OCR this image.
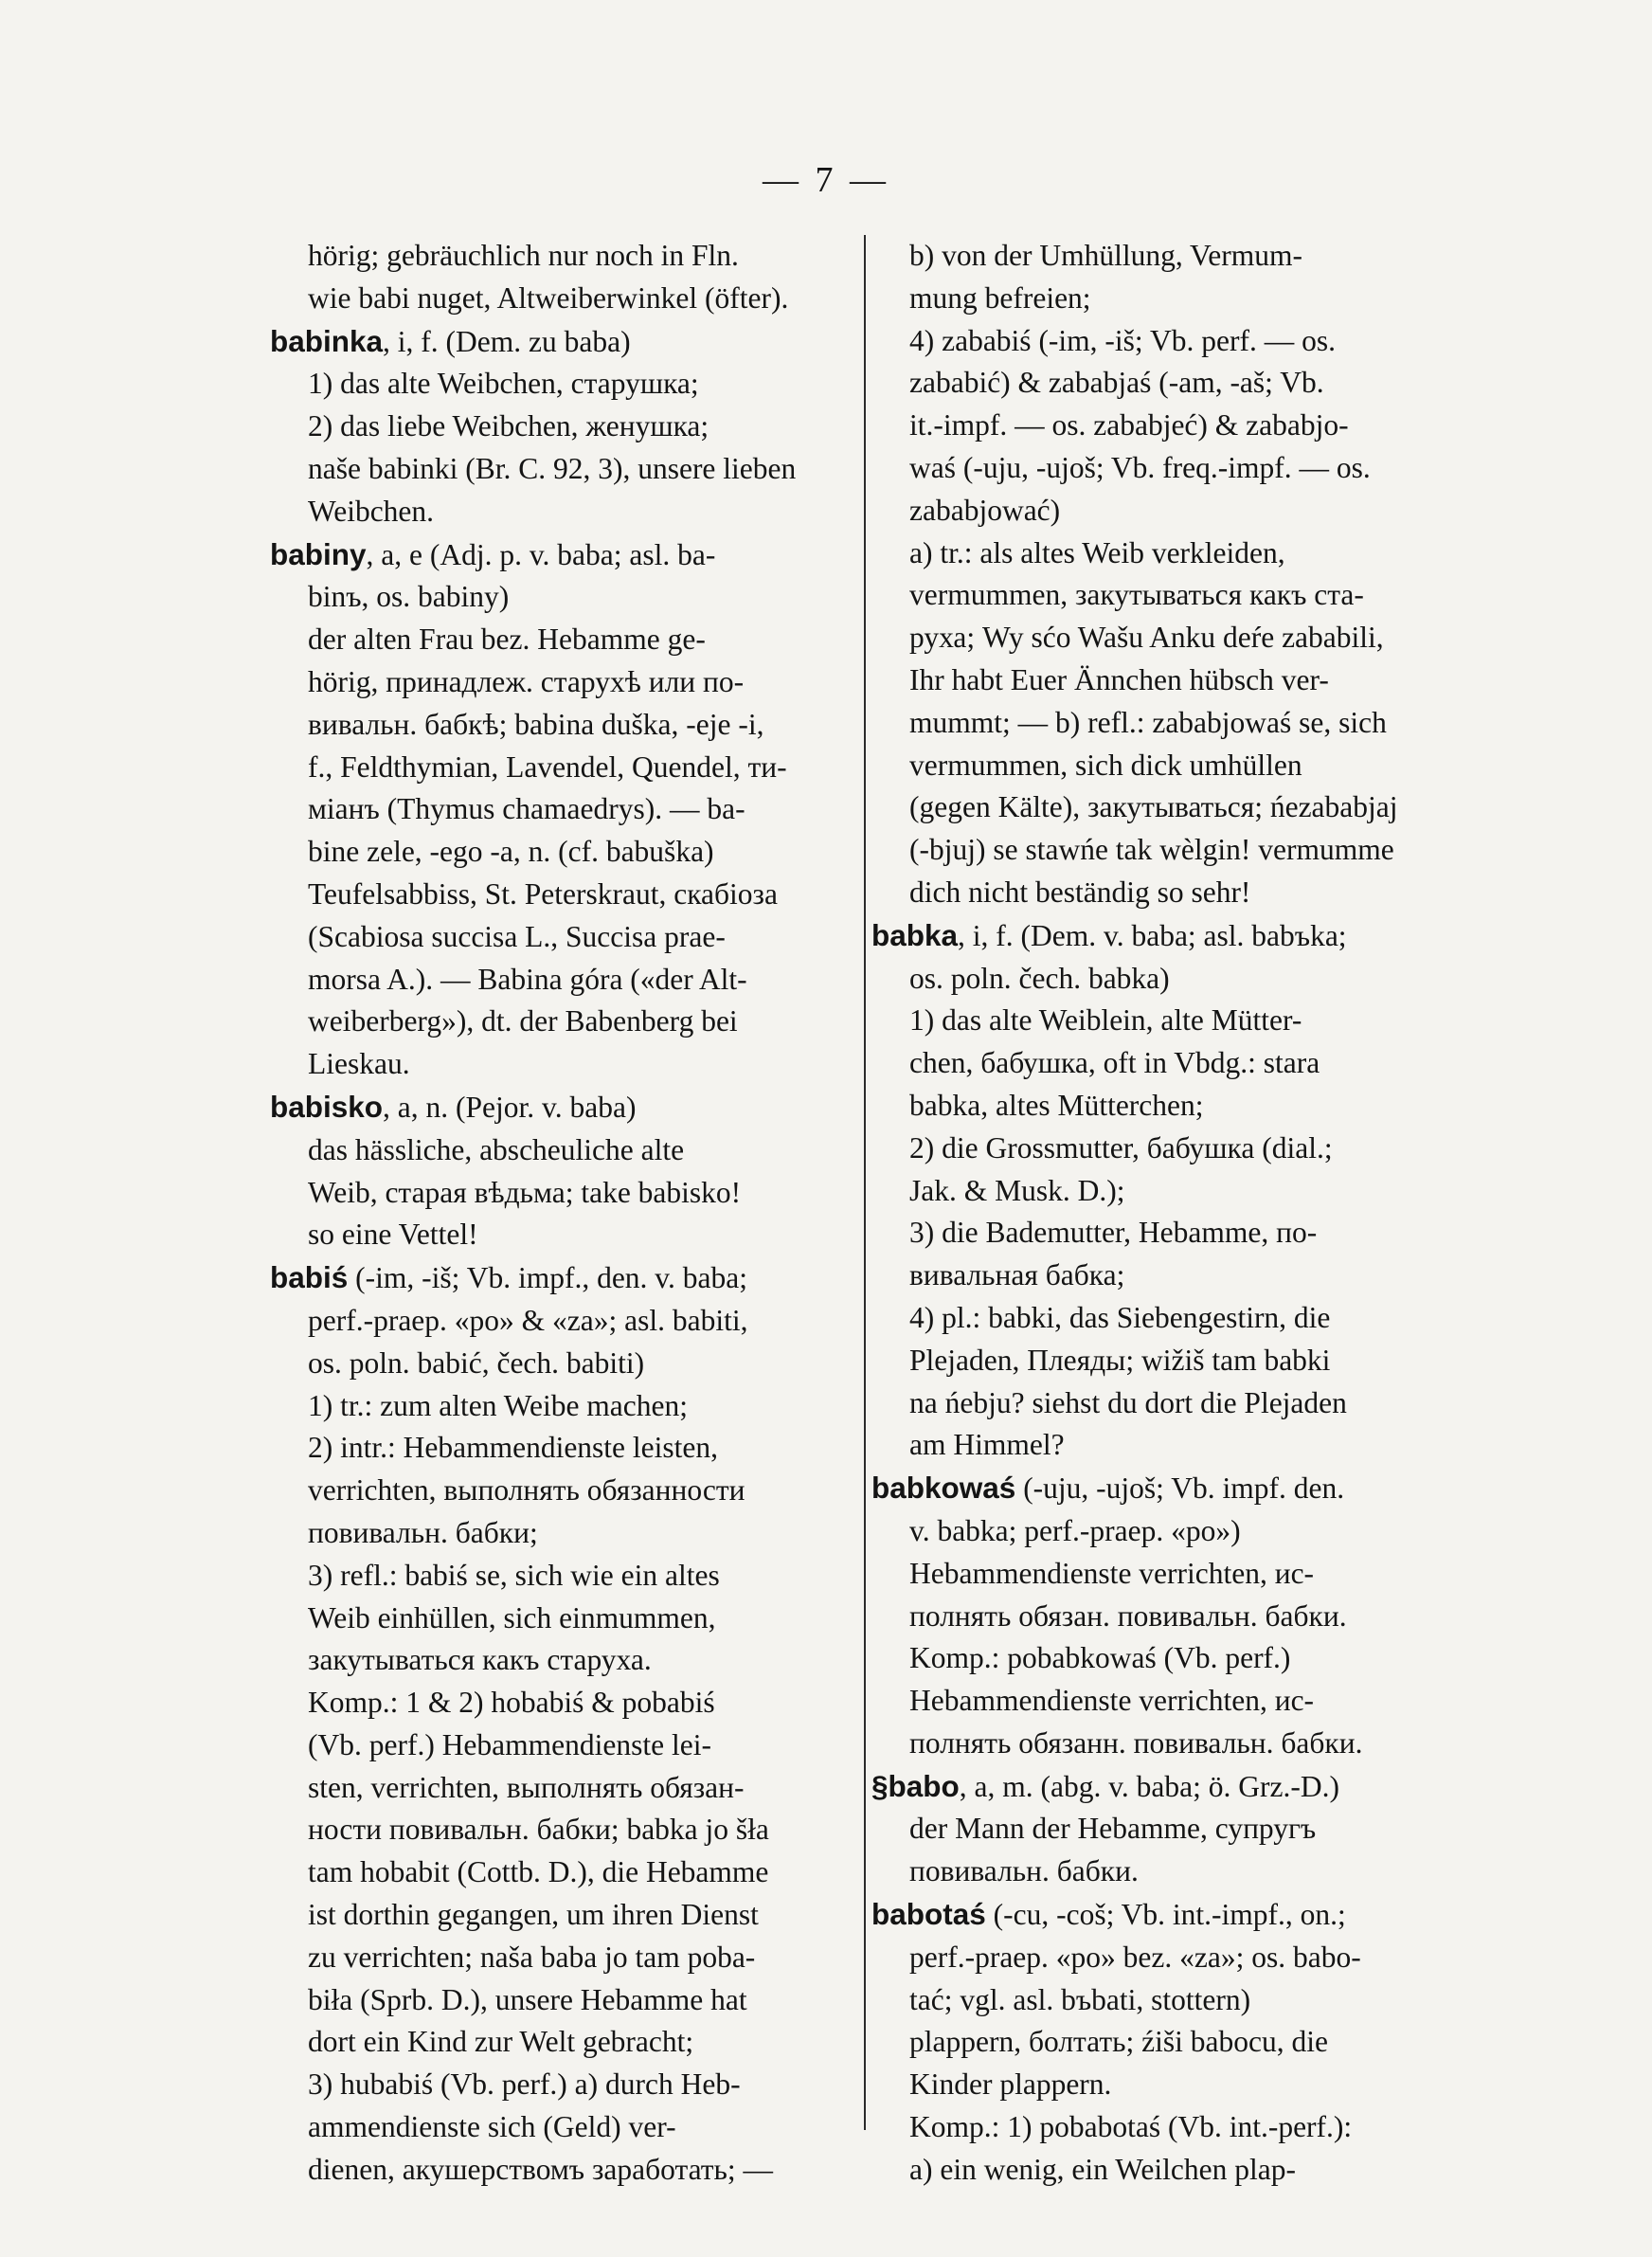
— 7 —
hörig; gebräuchlich nur noch in Fln.
wie babi nuget, Altweiberwinkel (öfter).
babinka, i, f. (Dem. zu baba)
1) das alte Weibchen, старушка;
2) das liebe Weibchen, женушка;
naše babinki (Br. C. 92, 3), unsere lieben
Weibchen.
babiny, a, e (Adj. p. v. baba; asl. ba-
binъ, os. babiny)
der alten Frau bez. Hebamme ge-
hörig, принадлеж. старухѣ или по-
вивальн. бабкѣ; babina duška, -eje -i,
f., Feldthymian, Lavendel, Quendel, ти-
міанъ (Thymus chamaedrys). — ba-
bine zele, -ego -a, n. (cf. babuška)
Teufelsabbiss, St. Peterskraut, скабіоза
(Scabiosa succisa L., Succisa prae-
morsa A.). — Babina góra («der Alt-
weiberberg»), dt. der Babenberg bei
Lieskau.
babisko, a, n. (Pejor. v. baba)
das hässliche, abscheuliche alte
Weib, старая вѣдьма; take babisko!
so eine Vettel!
babiś (-im, -iš; Vb. impf., den. v. baba;
perf.-praep. «po» & «za»; asl. babiti,
os. poln. babić, čech. babiti)
1) tr.: zum alten Weibe machen;
2) intr.: Hebammendienste leisten,
verrichten, выполнять обязанности
повивальн. бабки;
3) refl.: babiś se, sich wie ein altes
Weib einhüllen, sich einmummen,
закутываться какъ старуха.
Komp.: 1 & 2) hobabiś & pobabiś
(Vb. perf.) Hebammendienste lei-
sten, verrichten, выполнять обязан-
ности повивальн. бабки; babka jo šła
tam hobabit (Cottb. D.), die Hebamme
ist dorthin gegangen, um ihren Dienst
zu verrichten; naša baba jo tam poba-
biła (Sprb. D.), unsere Hebamme hat
dort ein Kind zur Welt gebracht;
3) hubabiś (Vb. perf.) a) durch Heb-
ammendienste sich (Geld) ver-
dienen, акушерствомъ заработать; —
b) von der Umhüllung, Vermum-
mung befreien;
4) zababiś (-im, -iš; Vb. perf. — os.
zababić) & zababjaś (-am, -aš; Vb.
it.-impf. — os. zababjeć) & zababjo-
waś (-uju, -ujoš; Vb. freq.-impf. — os.
zababjować)
a) tr.: als altes Weib verkleiden,
vermummen, закутываться какъ ста-
руха; Wy sćo Wašu Anku deŕe zababili,
Ihr habt Euer Ännchen hübsch ver-
mummt; — b) refl.: zababjowaś se, sich
vermummen, sich dick umhüllen
(gegen Kälte), закутываться; ńezababjaj
(-bjuj) se stawńe tak wèlgin! vermumme
dich nicht beständig so sehr!
babka, i, f. (Dem. v. baba; asl. babъka;
os. poln. čech. babka)
1) das alte Weiblein, alte Mütter-
chen, бабушка, oft in Vbdg.: stara
babka, altes Mütterchen;
2) die Grossmutter, бабушка (dial.;
Jak. & Musk. D.);
3) die Bademutter, Hebamme, по-
вивальная бабка;
4) pl.: babki, das Siebengestirn, die
Plejaden, Плеяды; wižiš tam babki
na ńebju? siehst du dort die Plejaden
am Himmel?
babkowaś (-uju, -ujoš; Vb. impf. den.
v. babka; perf.-praep. «po»)
Hebammendienste verrichten, ис-
полнять обязан. повивальн. бабки.
Komp.: pobabkowaś (Vb. perf.)
Hebammendienste verrichten, ис-
полнять обязанн. повивальн. бабки.
§babo, a, m. (abg. v. baba; ö. Grz.-D.)
der Mann der Hebamme, супругъ
повивальн. бабки.
babotaś (-cu, -coš; Vb. int.-impf., on.;
perf.-praep. «po» bez. «za»; os. babo-
tać; vgl. asl. bъbati, stottern)
plappern, болтать; źiši babocu, die
Kinder plappern.
Komp.: 1) pobabotaś (Vb. int.-perf.):
a) ein wenig, ein Weilchen plap-
